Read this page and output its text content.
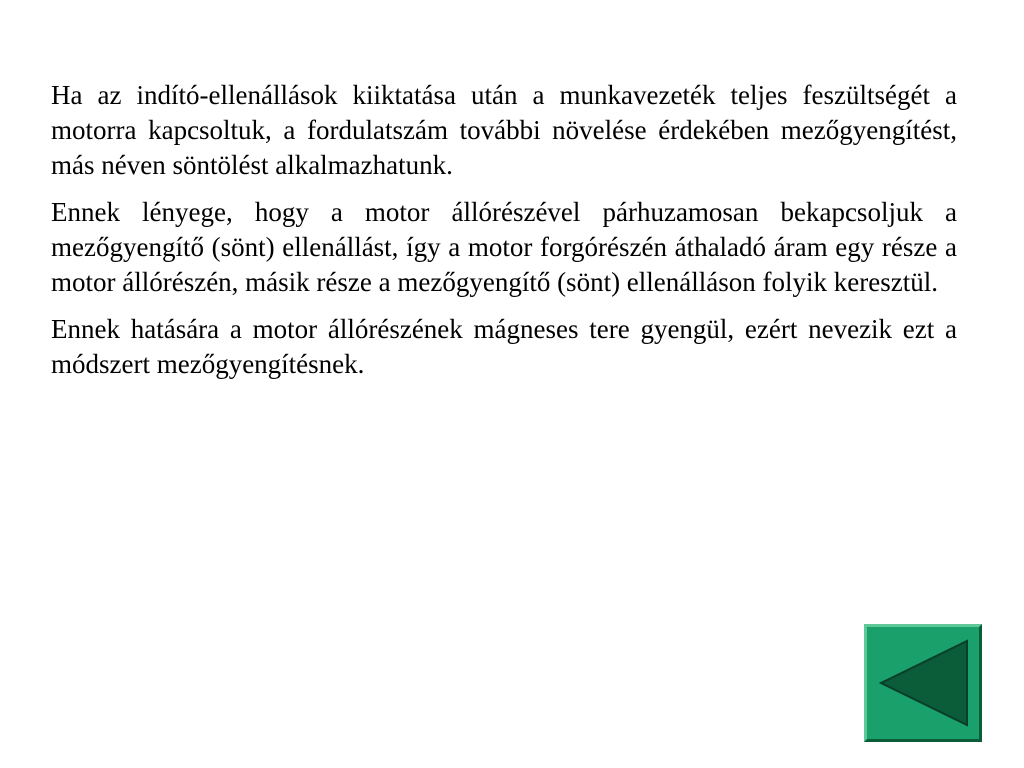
Ha az indító-ellenállások kiiktatása után a munkavezeték teljes feszültségét a motorra kapcsoltuk, a fordulatszám további növelése érdekében mezőgyengítést, más néven söntölést alkalmazhatunk.

Ennek lényege, hogy a motor állórészével párhuzamosan bekapcsoljuk a mezőgyengítő (sönt) ellenállást, így a motor forgórészén áthaladó áram egy része a motor állórészén, másik része a mezőgyengítő (sönt) ellenálláson folyik keresztül.

Ennek hatására a motor állórészének mágneses tere gyengül, ezért nevezik ezt a módszert mezőgyengítésnek.
